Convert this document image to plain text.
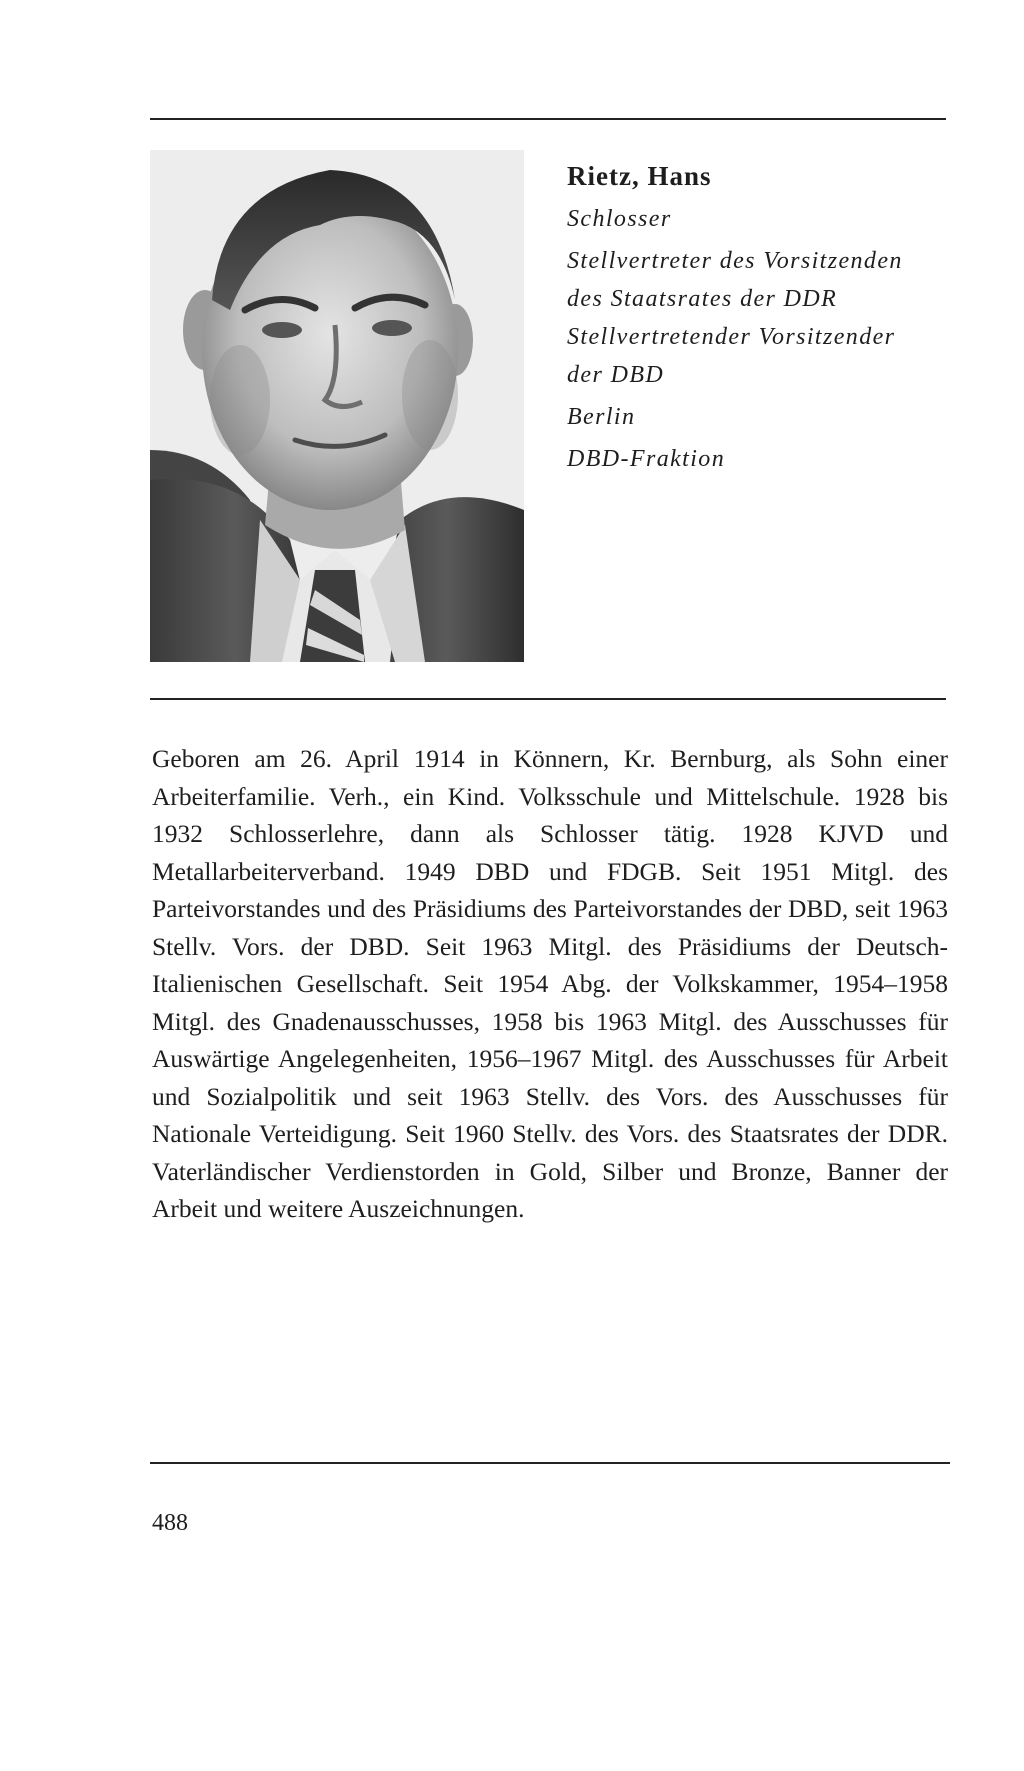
Rietz, Hans

Schlosser

Stellvertreter des Vorsitzenden

des Staatsrates der DDR

Stellvertretender Vorsitzender

der DBD

Berlin

DBD-Fraktion

Geboren am 26. April 1914 in Könnern, Kr. Bernburg, als Sohn einer Arbeiterfamilie. Verh., ein Kind. Volksschule und Mittelschule. 1928 bis 1932 Schlosserlehre, dann als Schlosser tätig. 1928 KJVD und Metallarbeiterverband. 1949 DBD und FDGB. Seit 1951 Mitgl. des Parteivorstandes und des Präsidiums des Parteivorstandes der DBD, seit 1963 Stellv. Vors. der DBD. Seit 1963 Mitgl. des Präsidiums der Deutsch-Italienischen Gesellschaft. Seit 1954 Abg. der Volkskammer, 1954–1958 Mitgl. des Gnadenausschusses, 1958 bis 1963 Mitgl. des Ausschusses für Auswärtige Angelegenheiten, 1956–1967 Mitgl. des Ausschusses für Arbeit und Sozialpolitik und seit 1963 Stellv. des Vors. des Ausschusses für Nationale Verteidigung. Seit 1960 Stellv. des Vors. des Staatsrates der DDR. Vaterländischer Verdienstorden in Gold, Silber und Bronze, Banner der Arbeit und weitere Auszeichnungen.

488
